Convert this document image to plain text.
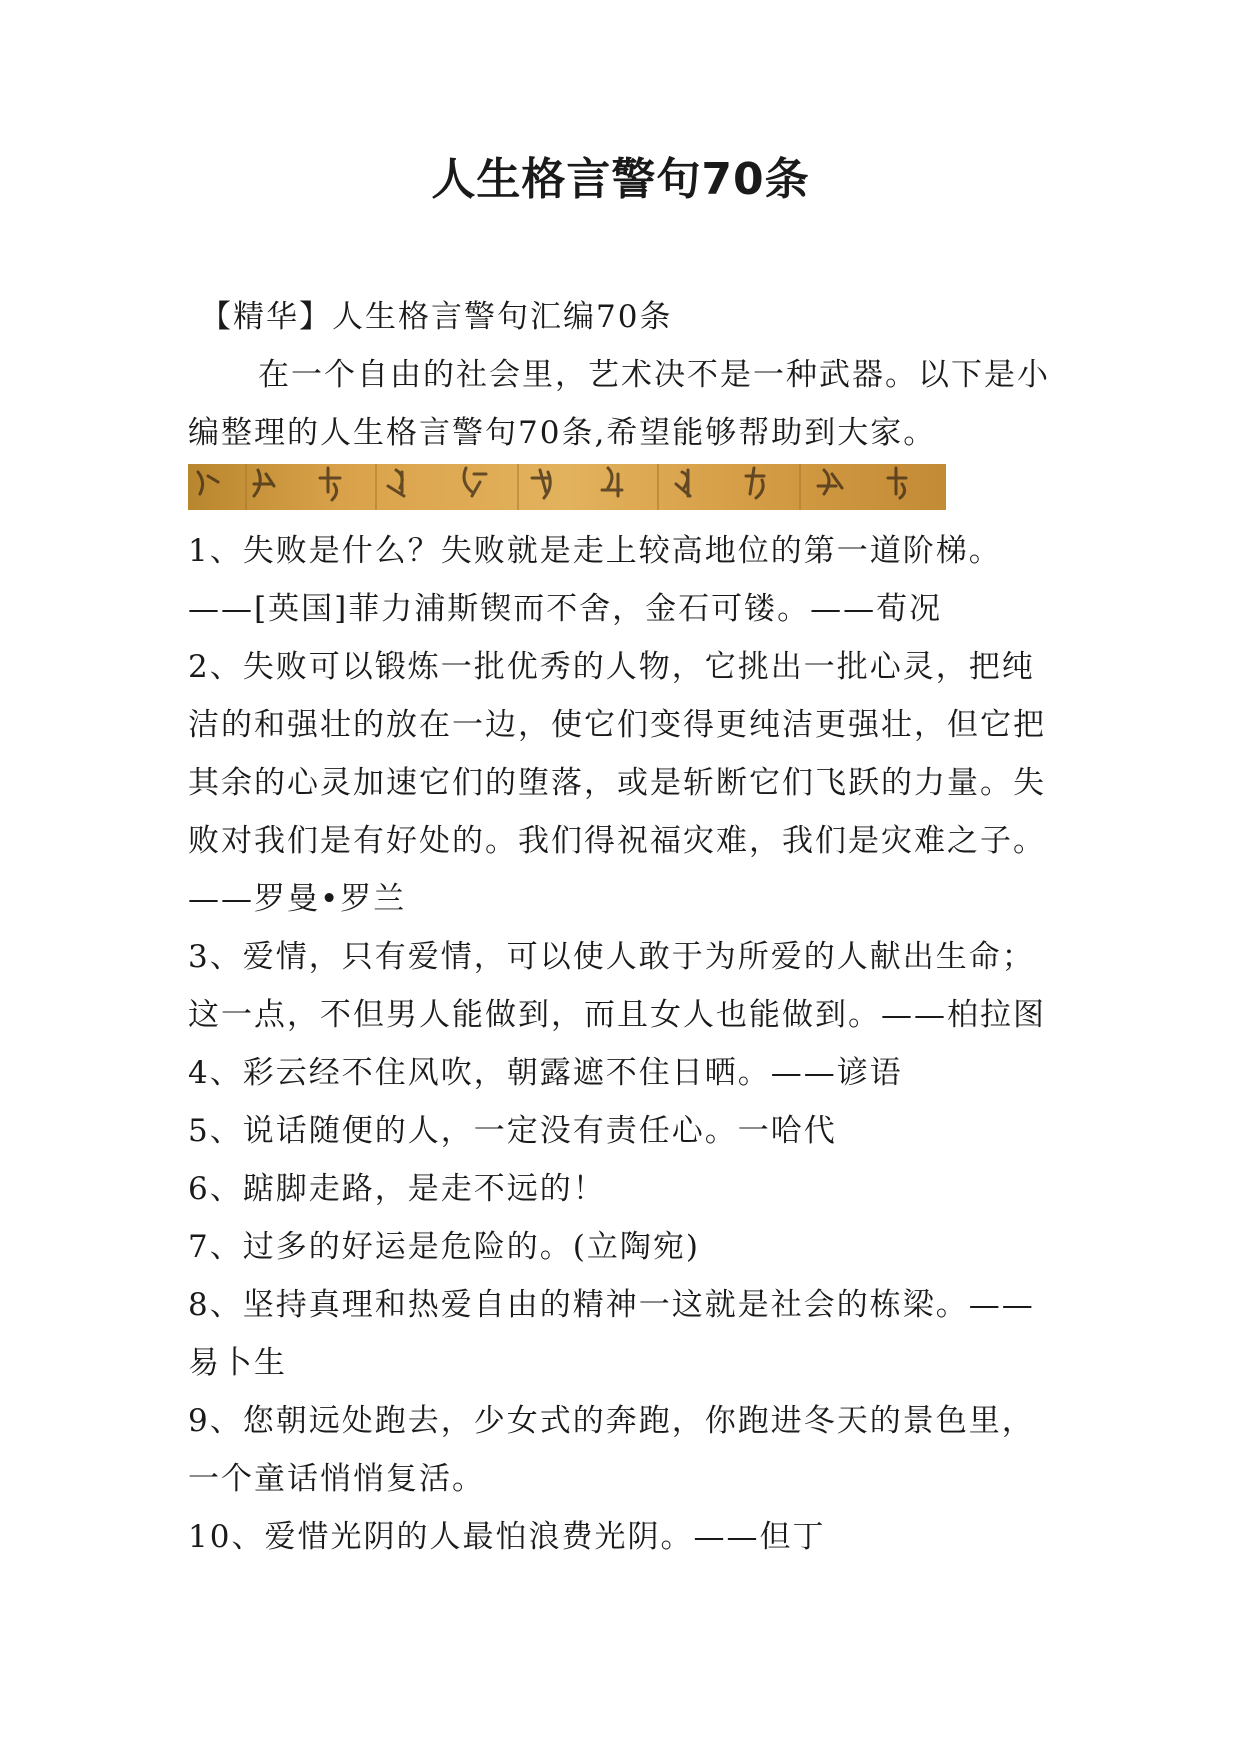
人生格言警句70条
【精华】人生格言警句汇编70条
在一个自由的社会里，艺术决不是一种武器。以下是小
编整理的人生格言警句70条,希望能够帮助到大家。
1、失败是什么？失败就是走上较高地位的第一道阶梯。
——[英国]菲力浦斯锲而不舍，金石可镂。——荀况
2、失败可以锻炼一批优秀的人物，它挑出一批心灵，把纯
洁的和强壮的放在一边，使它们变得更纯洁更强壮，但它把
其余的心灵加速它们的堕落，或是斩断它们飞跃的力量。失
败对我们是有好处的。我们得祝福灾难，我们是灾难之子。
——罗曼•罗兰
3、爱情，只有爱情，可以使人敢于为所爱的人献出生命；
这一点，不但男人能做到，而且女人也能做到。——柏拉图
4、彩云经不住风吹，朝露遮不住日晒。——谚语
5、说话随便的人，一定没有责任心。一哈代
6、踮脚走路，是走不远的！
7、过多的好运是危险的。(立陶宛)
8、坚持真理和热爱自由的精神一这就是社会的栋梁。——
易卜生
9、您朝远处跑去，少女式的奔跑，你跑进冬天的景色里，
一个童话悄悄复活。
10、爱惜光阴的人最怕浪费光阴。——但丁
